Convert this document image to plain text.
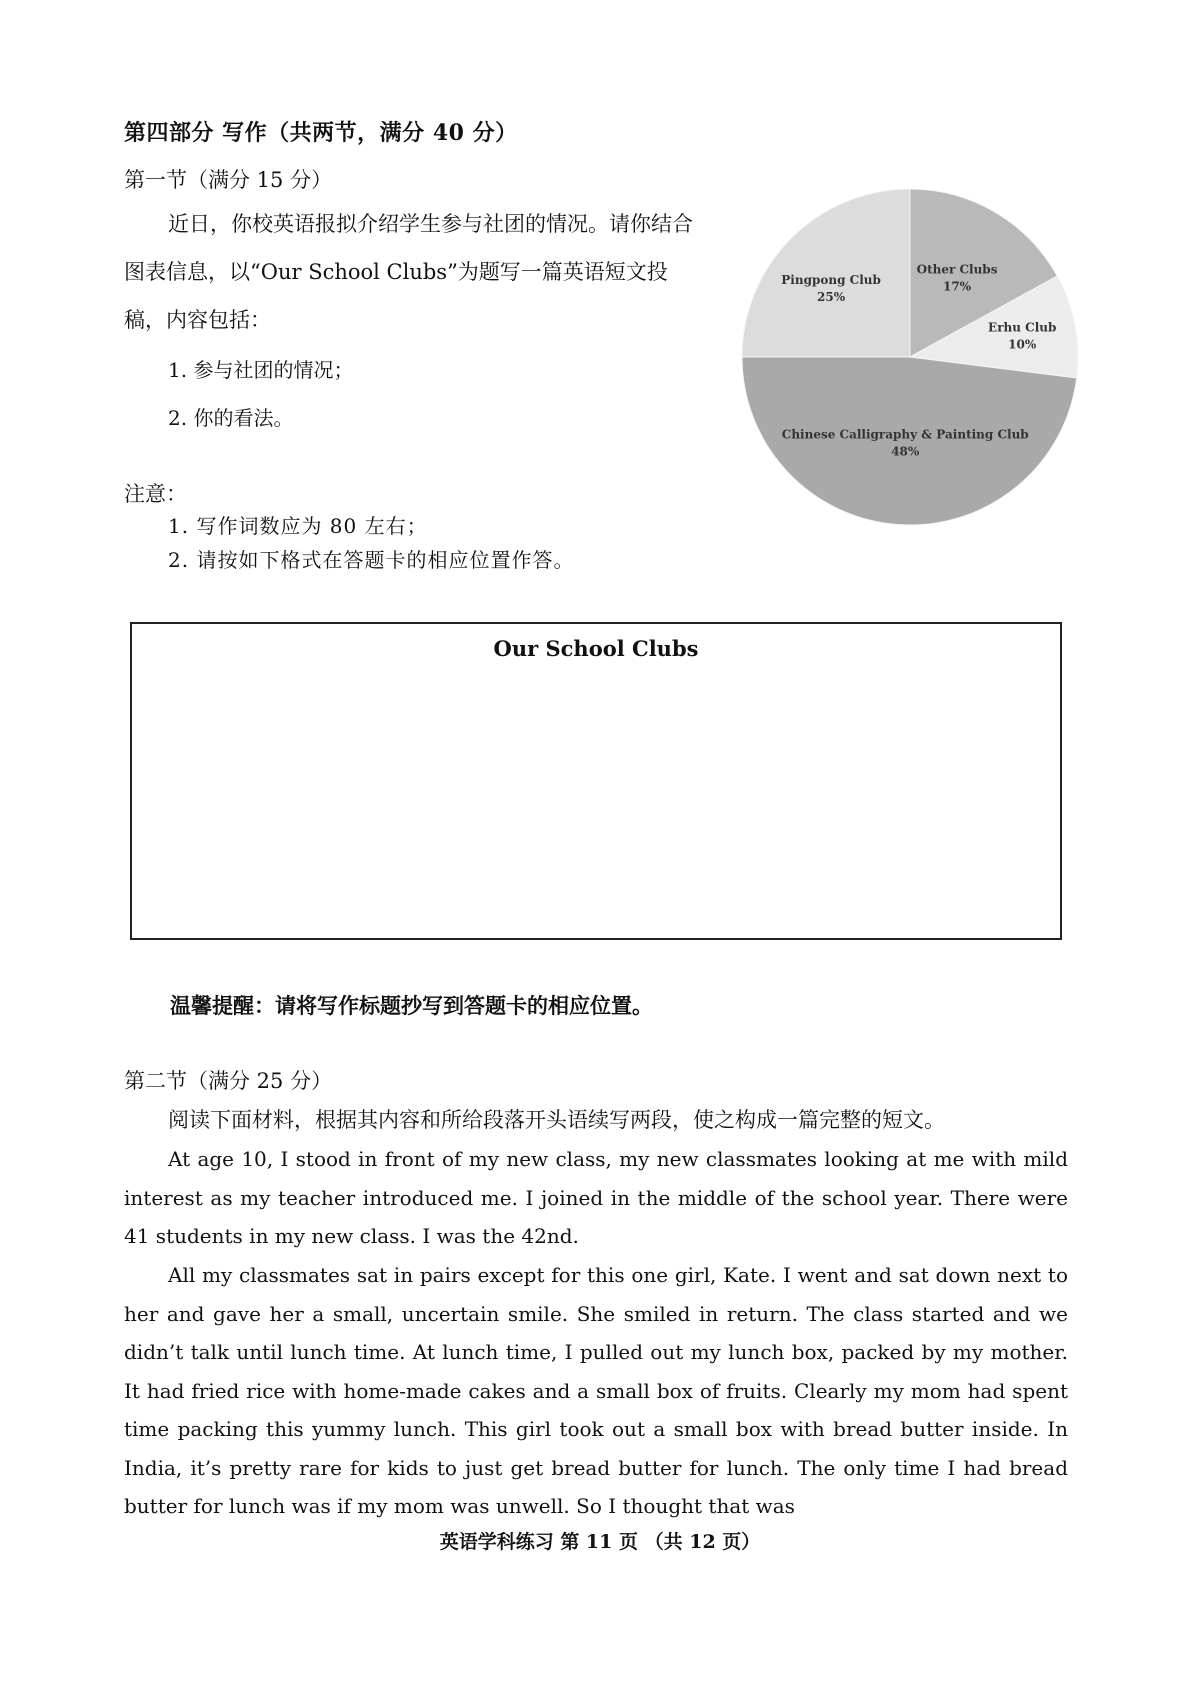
第四部分 写作（共两节，满分 40 分）
第一节（满分 15 分）
近日，你校英语报拟介绍学生参与社团的情况。请你结合图表信息，以“Our School Clubs”为题写一篇英语短文投稿，内容包括：
1. 参与社团的情况；
2. 你的看法。
注意：
1. 写作词数应为 80 左右；
2. 请按如下格式在答题卡的相应位置作答。
Other Clubs
17%
Erhu Club
10%
Chinese Calligraphy & Painting Club
48%
Pingpong Club
25%
Our School Clubs
温馨提醒：请将写作标题抄写到答题卡的相应位置。
第二节（满分 25 分）
阅读下面材料，根据其内容和所给段落开头语续写两段，使之构成一篇完整的短文。
At age 10, I stood in front of my new class, my new classmates looking at me with mild interest as my teacher introduced me. I joined in the middle of the school year. There were 41 students in my new class. I was the 42nd.
All my classmates sat in pairs except for this one girl, Kate. I went and sat down next to her and gave her a small, uncertain smile. She smiled in return. The class started and we didn’t talk until lunch time. At lunch time, I pulled out my lunch box, packed by my mother. It had fried rice with home-made cakes and a small box of fruits. Clearly my mom had spent time packing this yummy lunch. This girl took out a small box with bread butter inside. In India, it’s pretty rare for kids to just get bread butter for lunch. The only time I had bread butter for lunch was if my mom was unwell. So I thought that was
英语学科练习 第 11 页 （共 12 页）
